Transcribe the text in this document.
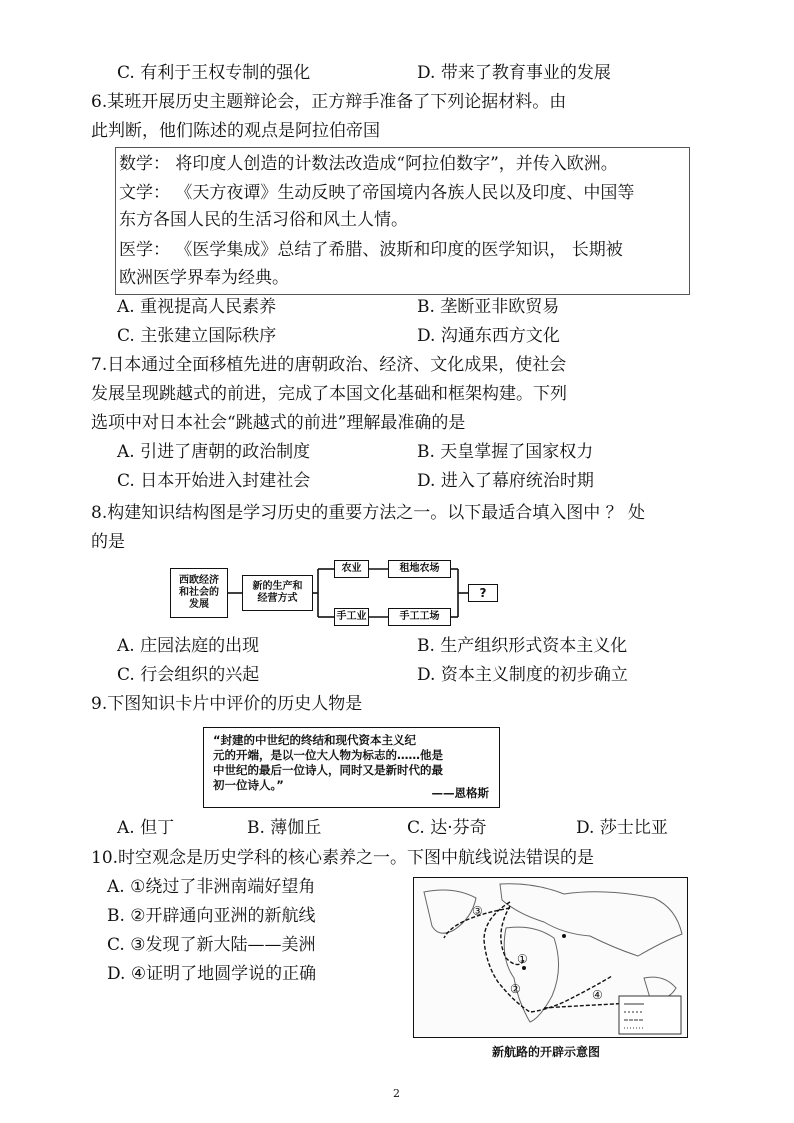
C. 有利于王权专制的强化	D. 带来了教育事业的发展
6.某班开展历史主题辩论会，正方辩手准备了下列论据材料。由
此判断，他们陈述的观点是阿拉伯帝国
数学： 将印度人创造的计数法改造成“阿拉伯数字”，并传入欧洲。
文学： 《天方夜谭》生动反映了帝国境内各族人民以及印度、中国等
东方各国人民的生活习俗和风土人情。
医学： 《医学集成》总结了希腊、波斯和印度的医学知识， 长期被
欧洲医学界奉为经典。
A. 重视提高人民素养	B. 垄断亚非欧贸易
C. 主张建立国际秩序	D. 沟通东西方文化
7.日本通过全面移植先进的唐朝政治、经济、文化成果，使社会
发展呈现跳越式的前进，完成了本国文化基础和框架构建。下列
选项中对日本社会“跳越式的前进”理解最准确的是
A. 引进了唐朝的政治制度	B. 天皇掌握了国家权力
C. 日本开始进入封建社会	D. 进入了幕府统治时期
8.构建知识结构图是学习历史的重要方法之一。以下最适合填入图中 ？ 处
的是
西欧经济
和社会的
发展
新的生产和
经营方式
农业	租地农场
手工业	手工工场
?
A. 庄园法庭的出现	B. 生产组织形式资本主义化
C. 行会组织的兴起	D. 资本主义制度的初步确立
9.下图知识卡片中评价的历史人物是
“封建的中世纪的终结和现代资本主义纪
元的开端，是以一位大人物为标志的……他是
中世纪的最后一位诗人，同时又是新时代的最
初一位诗人。”
——恩格斯
A. 但丁	B. 薄伽丘	C. 达·芬奇	D. 莎士比亚
10.时空观念是历史学科的核心素养之一。下图中航线说法错误的是
A. ①绕过了非洲南端好望角
B. ②开辟通向亚洲的新航线
C. ③发现了新大陆——美洲
D. ④证明了地圆学说的正确
③
②
①
④
新航路的开辟示意图
2
